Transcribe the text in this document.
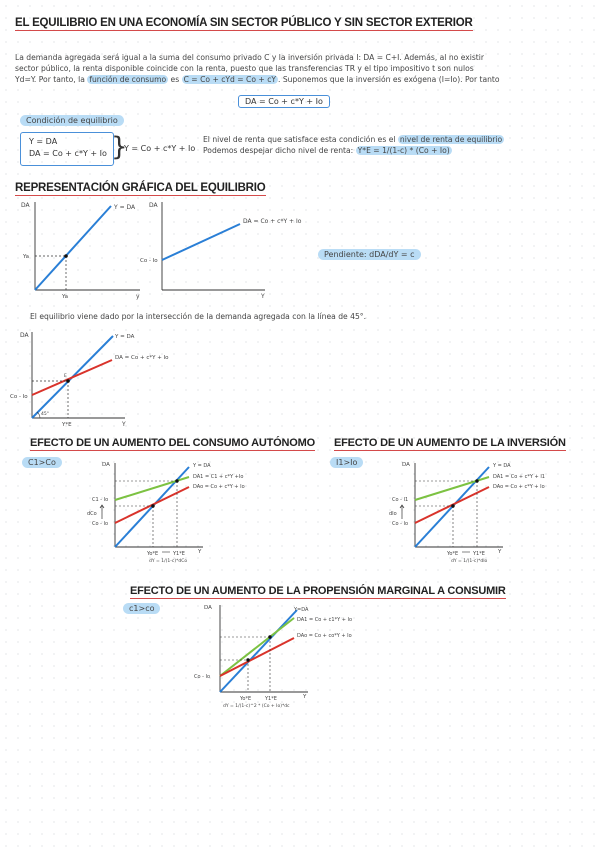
EL EQUILIBRIO EN UNA ECONOMÍA SIN SECTOR PÚBLICO Y SIN SECTOR EXTERIOR
La demanda agregada será igual a la suma del consumo privado C y la inversión privada I: DA = C+I. Además, al no existir
sector público, la renta disponible coincide con la renta, puesto que las transferencias TR y el tipo impositivo t son nulos
Yd=Y. Por tanto, la función de consumo es C = Co + cYd = Co + cY . Suponemos que la inversión es exógena (I=Io). Por tanto
DA = Co + c*Y + Io
Condición de equilibrio
Y = DA
DA = Co + c*Y + Io }
Y = Co + c*Y + Io
El nivel de renta que satisface esta condición es el nivel de renta de equilibrio
Podemos despejar dicho nivel de renta: Y*E = 1/(1-c) * (Co + Io)
REPRESENTACIÓN GRÁFICA DEL EQUILIBRIO
DA
y
Y = DA
Ya
Ya
DA
Y
DA = Co + c*Y + Io
Co - Io
Pendiente: dDA/dY = c
El equilibrio viene dado por la intersección de la demanda agregada con la línea de 45°.
DA
Y
Y = DA
DA = Co + c*Y + Io
E
Co - Io
Y*E
45°
EFECTO DE UN AUMENTO DEL CONSUMO AUTÓNOMO
C1>Co	DA
Y
Y = DA
DA1 = C1 + c*Y +Io
DAo = Co + c*Y + Io
C1 - Io
Co - Io
dCo
Yo*E	Y1*E
dY = 1/(1-c)*dCo
EFECTO DE UN AUMENTO DE LA INVERSIÓN
I1>Io	DA
Y
Y = DA
DA1 = Co + c*Y + I1
DAo = Co + c*Y + Io
Co - I1
Co - Io
dIo
Yo*E	Y1*E
dY = 1/(1-c)*dIo
EFECTO DE UN AUMENTO DE LA PROPENSIÓN MARGINAL A CONSUMIR
c1>co	DA
Y
Y=DA
DA1 = Co + c1*Y + Io
DAo = Co + co*Y + Io
Co - Io
Yo*E	Y1*E
dY = 1/(1-c)^2 * (Co + Io)*dc
